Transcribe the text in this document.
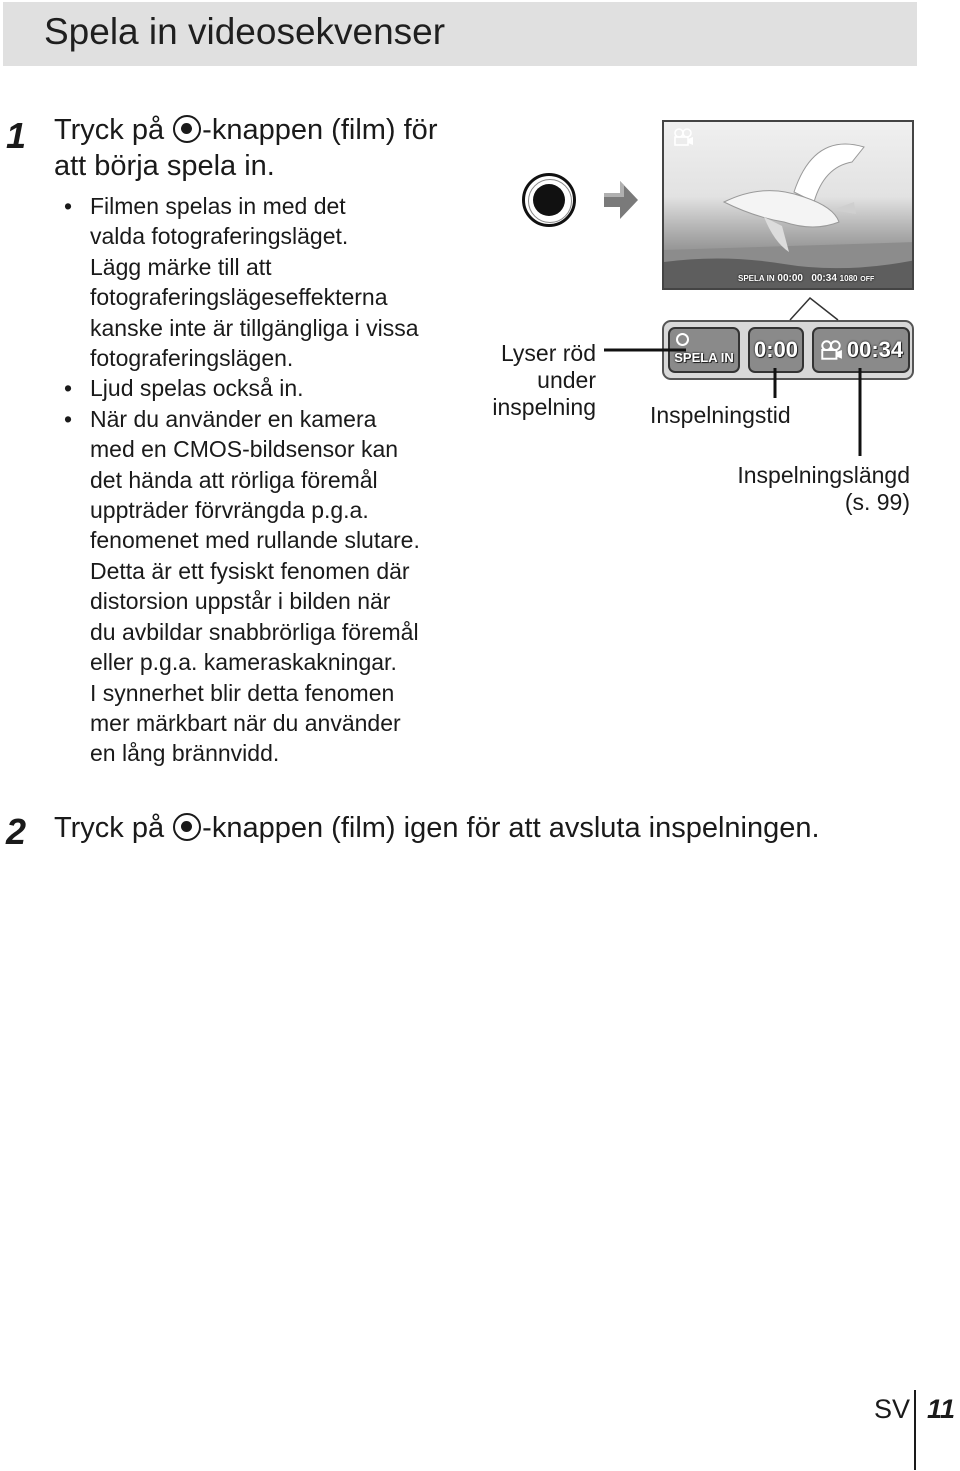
Spela in videosekvenser
1 Tryck på -knappen (film) för
att börja spela in.
• Filmen spelas in med det
valda fotograferingsläget.
Lägg märke till att
fotograferingslägeseffekterna
kanske inte är tillgängliga i vissa
fotograferingslägen.
• Ljud spelas också in.
• När du använder en kamera
med en CMOS-bildsensor kan
det hända att rörliga föremål
uppträder förvrängda p.g.a.
fenomenet med rullande slutare.
Detta är ett fysiskt fenomen där
distorsion uppstår i bilden när
du avbildar snabbrörliga föremål
eller p.g.a. kameraskakningar.
I synnerhet blir detta fenomen
mer märkbart när du använder
en lång brännvidd.
SPELA IN 00:00 00:34 1080 OFF
SPELA IN 0:00 00:34
Lyser röd
under
inspelning Inspelningstid
Inspelningslängd
(s. 99)
2 Tryck på -knappen (film) igen för att avsluta inspelningen.
SV 11
